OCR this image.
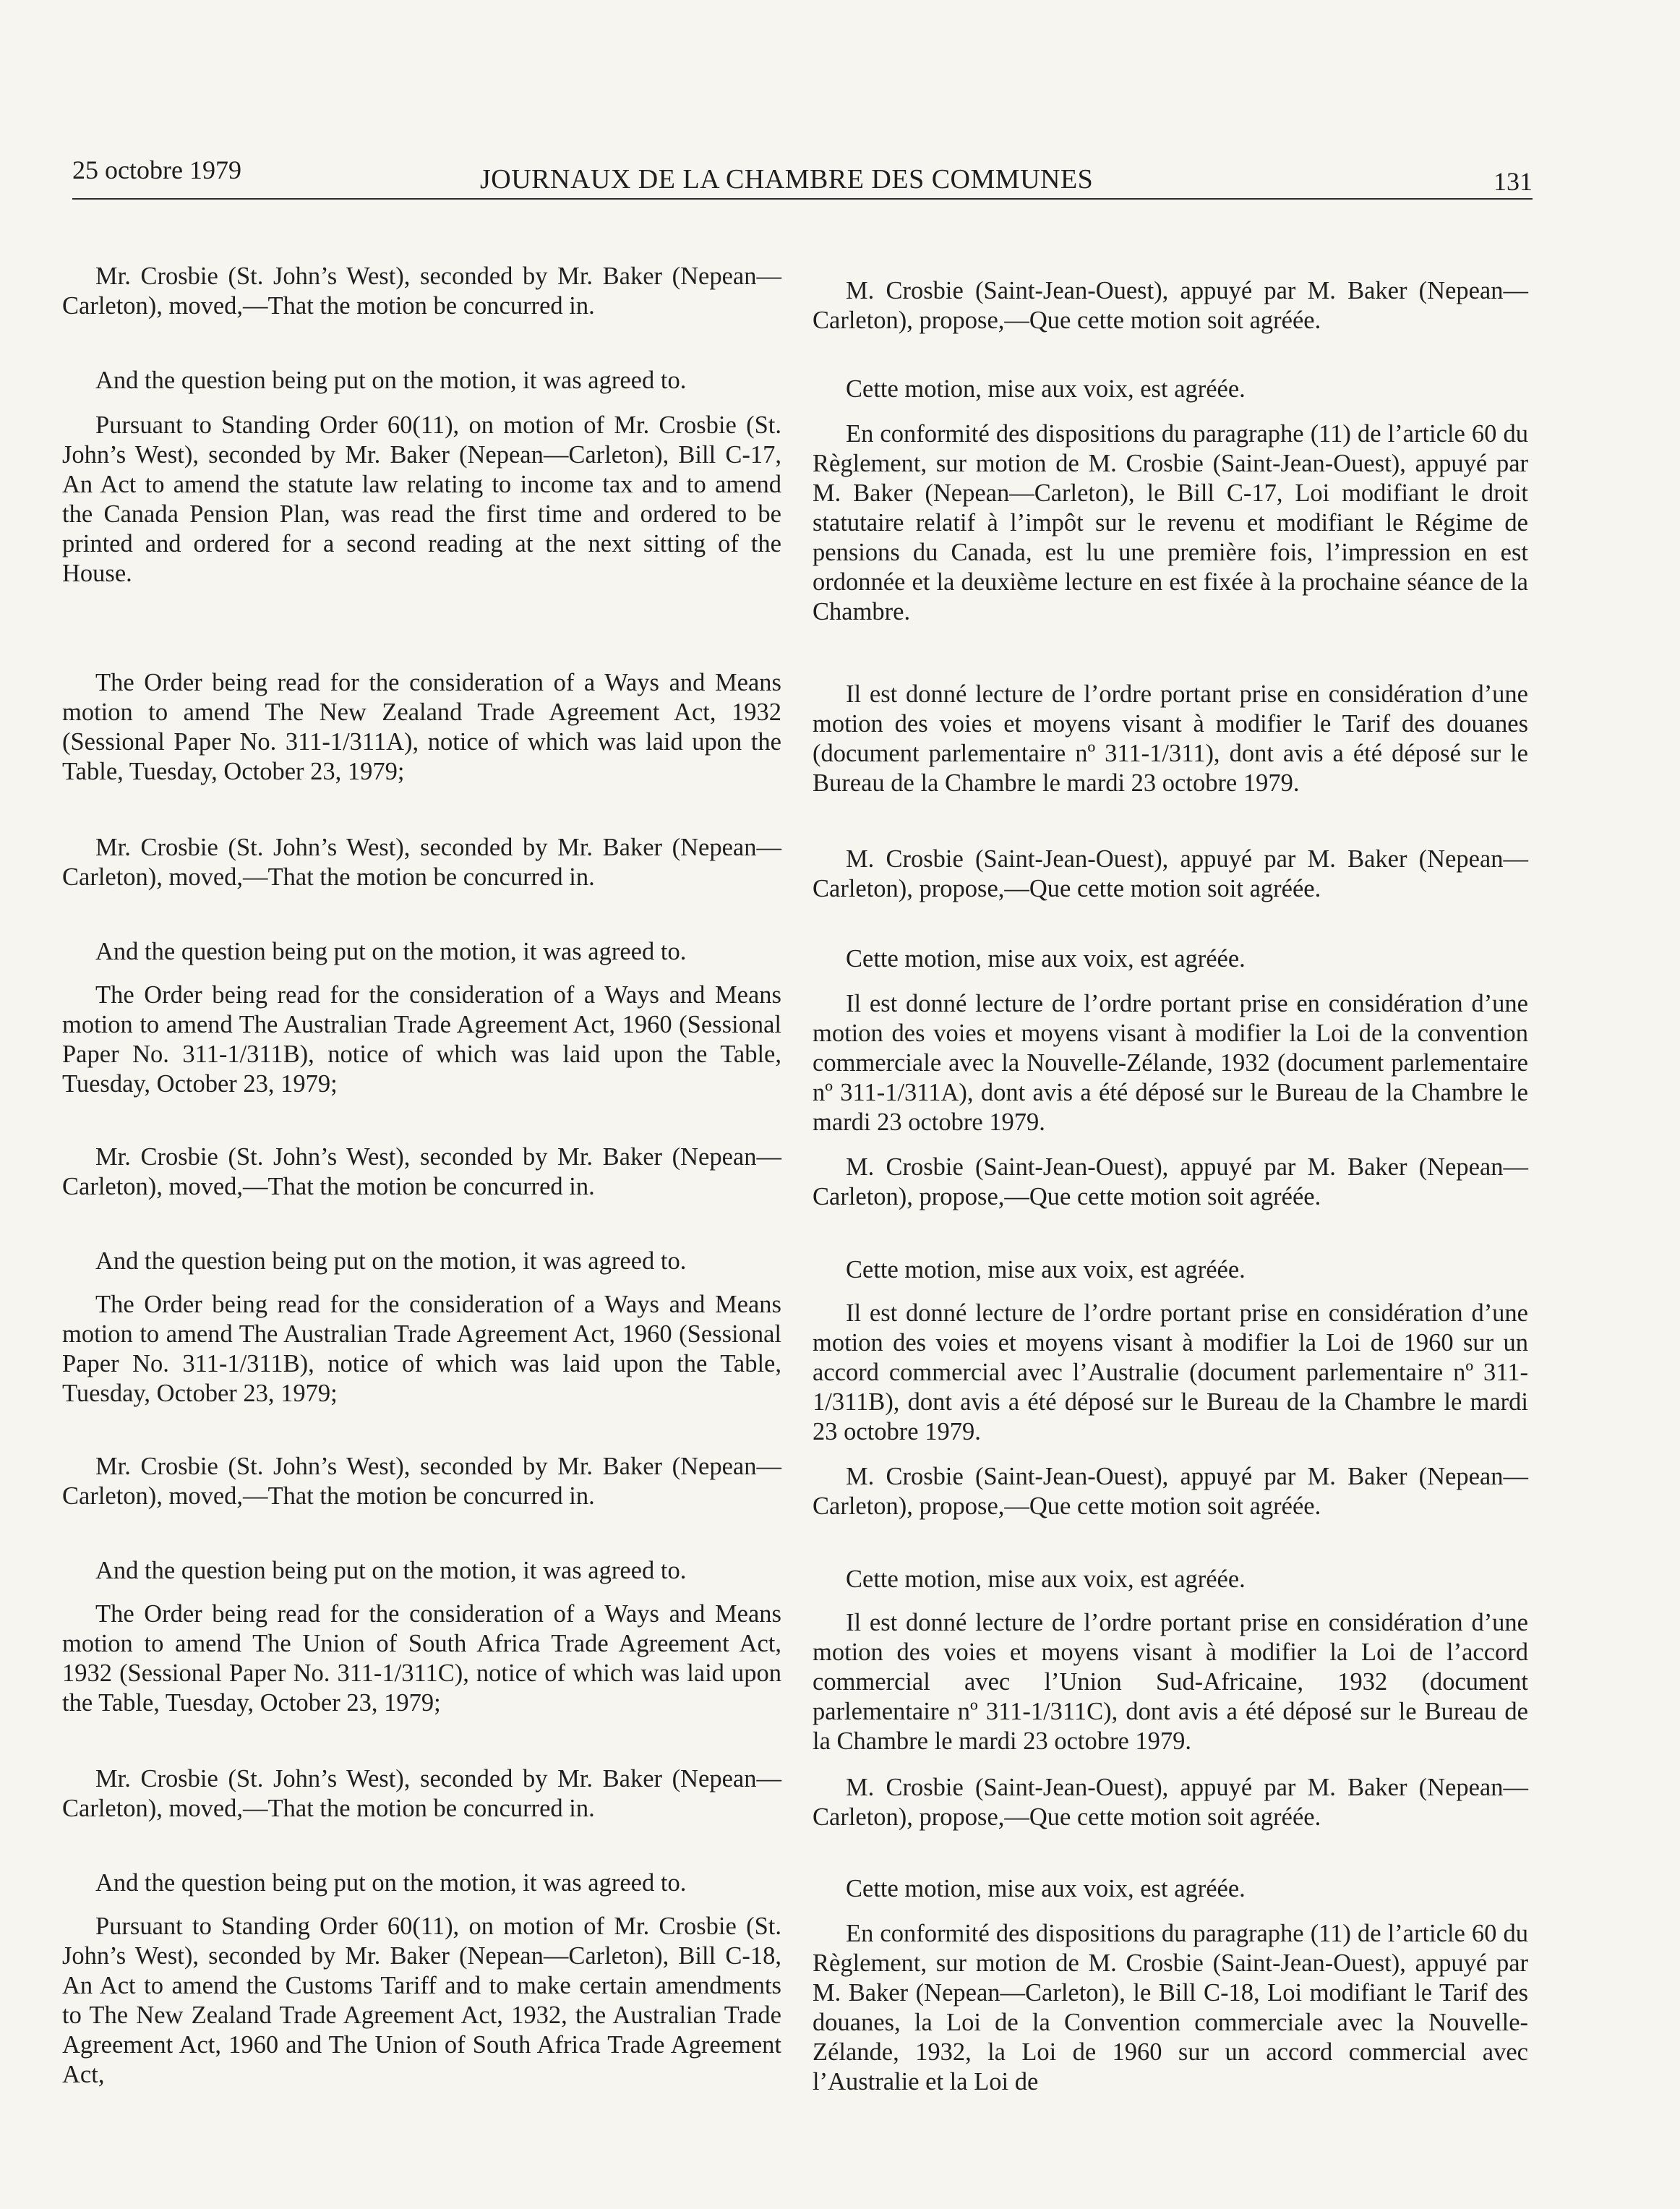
25 octobre 1979	JOURNAUX DE LA CHAMBRE DES COMMUNES	131

Mr. Crosbie (St. John’s West), seconded by Mr. Baker (Nepean—Carleton), moved,—That the motion be concurred in.

And the question being put on the motion, it was agreed to.

Pursuant to Standing Order 60(11), on motion of Mr. Crosbie (St. John’s West), seconded by Mr. Baker (Nepean—Carleton), Bill C-17, An Act to amend the statute law relating to income tax and to amend the Canada Pension Plan, was read the first time and ordered to be printed and ordered for a second reading at the next sitting of the House.

The Order being read for the consideration of a Ways and Means motion to amend The New Zealand Trade Agreement Act, 1932 (Sessional Paper No. 311-1/311A), notice of which was laid upon the Table, Tuesday, October 23, 1979;

Mr. Crosbie (St. John’s West), seconded by Mr. Baker (Nepean—Carleton), moved,—That the motion be concurred in.

And the question being put on the motion, it was agreed to.

The Order being read for the consideration of a Ways and Means motion to amend The Australian Trade Agreement Act, 1960 (Sessional Paper No. 311-1/311B), notice of which was laid upon the Table, Tuesday, October 23, 1979;

Mr. Crosbie (St. John’s West), seconded by Mr. Baker (Nepean—Carleton), moved,—That the motion be concurred in.

And the question being put on the motion, it was agreed to.

The Order being read for the consideration of a Ways and Means motion to amend The Australian Trade Agreement Act, 1960 (Sessional Paper No. 311-1/311B), notice of which was laid upon the Table, Tuesday, October 23, 1979;

Mr. Crosbie (St. John’s West), seconded by Mr. Baker (Nepean—Carleton), moved,—That the motion be concurred in.

And the question being put on the motion, it was agreed to.

The Order being read for the consideration of a Ways and Means motion to amend The Union of South Africa Trade Agreement Act, 1932 (Sessional Paper No. 311-1/311C), notice of which was laid upon the Table, Tuesday, October 23, 1979;

Mr. Crosbie (St. John’s West), seconded by Mr. Baker (Nepean—Carleton), moved,—That the motion be concurred in.

And the question being put on the motion, it was agreed to.

Pursuant to Standing Order 60(11), on motion of Mr. Crosbie (St. John’s West), seconded by Mr. Baker (Nepean—Carleton), Bill C-18, An Act to amend the Customs Tariff and to make certain amendments to The New Zealand Trade Agreement Act, 1932, the Australian Trade Agreement Act, 1960 and The Union of South Africa Trade Agreement Act,

M. Crosbie (Saint-Jean-Ouest), appuyé par M. Baker (Nepean—Carleton), propose,—Que cette motion soit agréée.

Cette motion, mise aux voix, est agréée.

En conformité des dispositions du paragraphe (11) de l’article 60 du Règlement, sur motion de M. Crosbie (Saint-Jean-Ouest), appuyé par M. Baker (Nepean—Carleton), le Bill C-17, Loi modifiant le droit statutaire relatif à l’impôt sur le revenu et modifiant le Régime de pensions du Canada, est lu une première fois, l’impression en est ordonnée et la deuxième lecture en est fixée à la prochaine séance de la Chambre.

Il est donné lecture de l’ordre portant prise en considération d’une motion des voies et moyens visant à modifier le Tarif des douanes (document parlementaire nº 311-1/311), dont avis a été déposé sur le Bureau de la Chambre le mardi 23 octobre 1979.

M. Crosbie (Saint-Jean-Ouest), appuyé par M. Baker (Nepean—Carleton), propose,—Que cette motion soit agréée.

Cette motion, mise aux voix, est agréée.

Il est donné lecture de l’ordre portant prise en considération d’une motion des voies et moyens visant à modifier la Loi de la convention commerciale avec la Nouvelle-Zélande, 1932 (document parlementaire nº 311-1/311A), dont avis a été déposé sur le Bureau de la Chambre le mardi 23 octobre 1979.

M. Crosbie (Saint-Jean-Ouest), appuyé par M. Baker (Nepean—Carleton), propose,—Que cette motion soit agréée.

Cette motion, mise aux voix, est agréée.

Il est donné lecture de l’ordre portant prise en considération d’une motion des voies et moyens visant à modifier la Loi de 1960 sur un accord commercial avec l’Australie (document parlementaire nº 311-1/311B), dont avis a été déposé sur le Bureau de la Chambre le mardi 23 octobre 1979.

M. Crosbie (Saint-Jean-Ouest), appuyé par M. Baker (Nepean—Carleton), propose,—Que cette motion soit agréée.

Cette motion, mise aux voix, est agréée.

Il est donné lecture de l’ordre portant prise en considération d’une motion des voies et moyens visant à modifier la Loi de l’accord commercial avec l’Union Sud-Africaine, 1932 (document parlementaire nº 311-1/311C), dont avis a été déposé sur le Bureau de la Chambre le mardi 23 octobre 1979.

M. Crosbie (Saint-Jean-Ouest), appuyé par M. Baker (Nepean—Carleton), propose,—Que cette motion soit agréée.

Cette motion, mise aux voix, est agréée.

En conformité des dispositions du paragraphe (11) de l’article 60 du Règlement, sur motion de M. Crosbie (Saint-Jean-Ouest), appuyé par M. Baker (Nepean—Carleton), le Bill C-18, Loi modifiant le Tarif des douanes, la Loi de la Convention commerciale avec la Nouvelle-Zélande, 1932, la Loi de 1960 sur un accord commercial avec l’Australie et la Loi de
